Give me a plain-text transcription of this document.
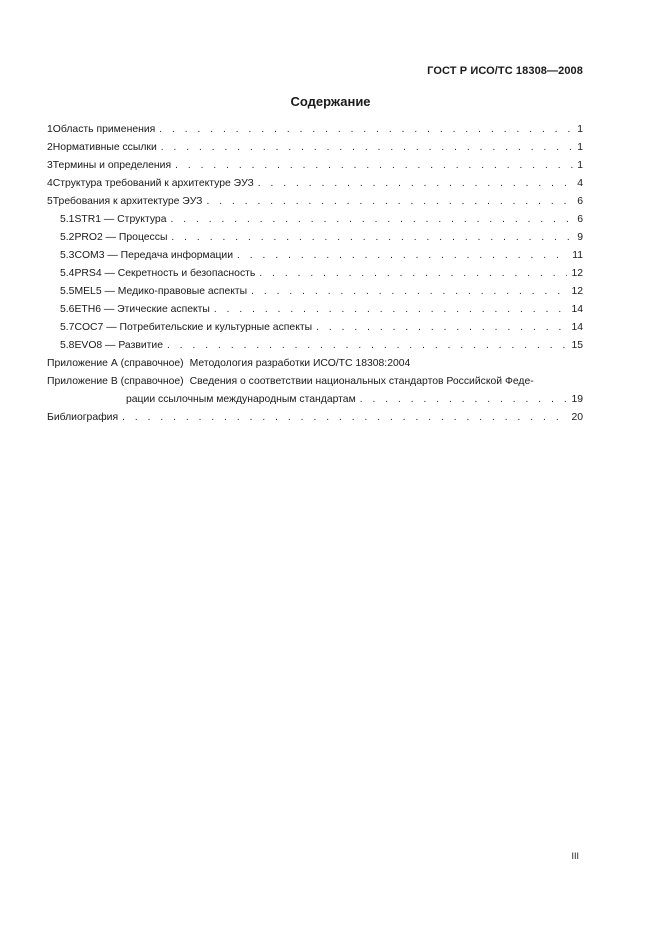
ГОСТ Р ИСО/ТС 18308—2008
Содержание
1 Область применения . . .	1
2 Нормативные ссылки . . .	1
3 Термины и определения . . .	1
4 Структура требований к архитектуре ЭУЗ . . .	4
5 Требования к архитектуре ЭУЗ . . .	6
5.1 STR1 — Структура . . .	6
5.2 PRO2 — Процессы . . .	9
5.3 COM3 — Передача информации . . .	11
5.4 PRS4 — Секретность и безопасность . . .	12
5.5 MEL5 — Медико-правовые аспекты . . .	12
5.6 ETH6 — Этические аспекты . . .	14
5.7 COC7 — Потребительские и культурные аспекты . . .	14
5.8 EVO8 — Развитие . . .	15
Приложение А (справочное) Методология разработки ИСО/ТС 18308:2004
Приложение В (справочное) Сведения о соответствии национальных стандартов Российской Феде-
рации ссылочным международным стандартам . . .	19
Библиография . . .	20
III
